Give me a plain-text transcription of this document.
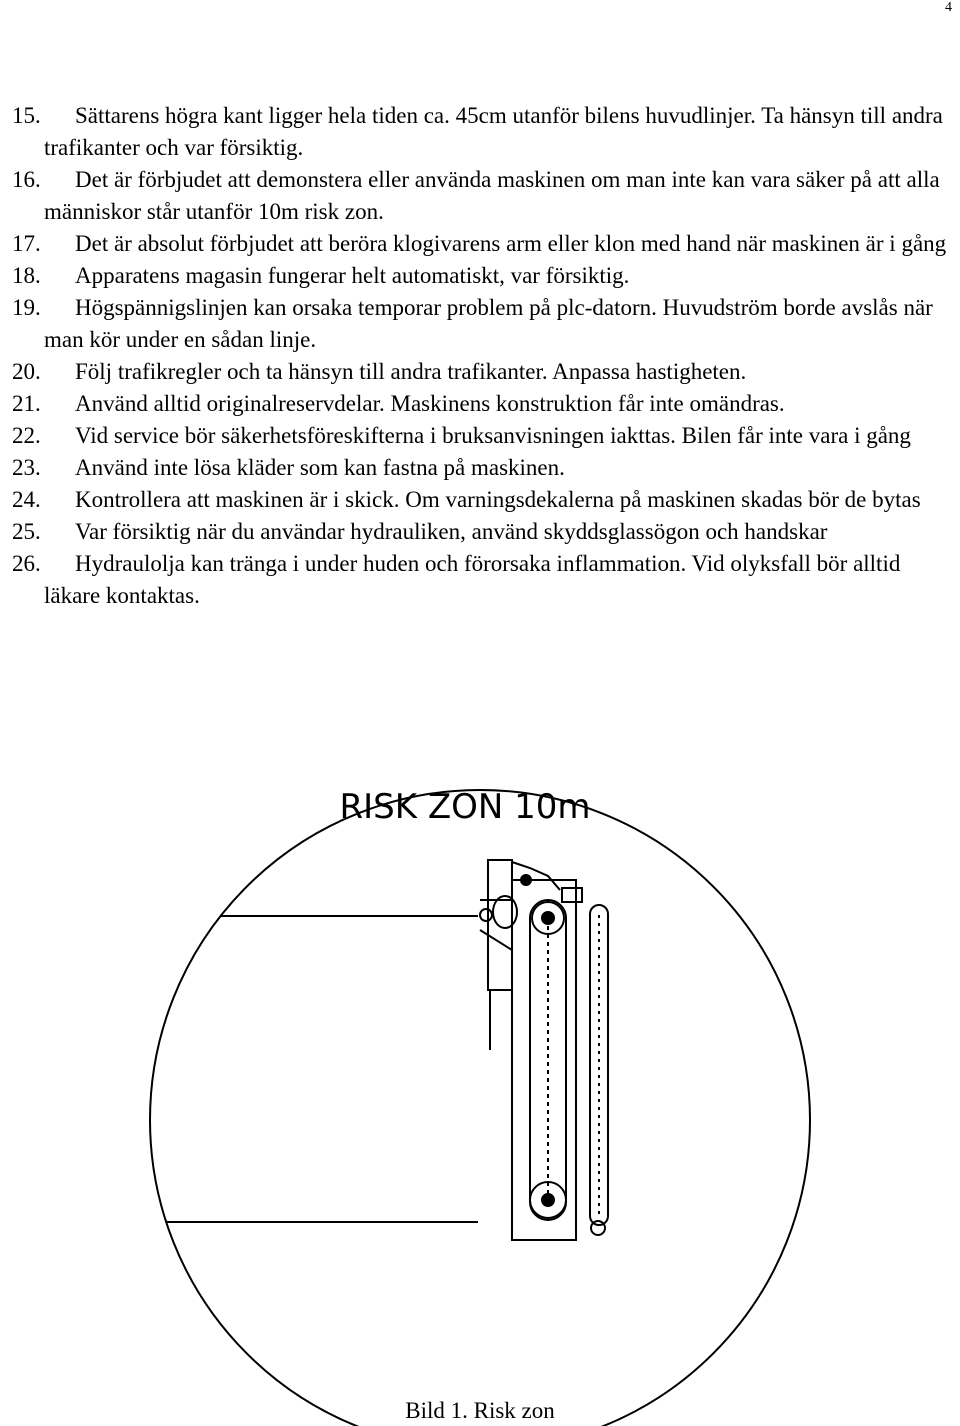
4
15.	Sättarens högra kant ligger hela tiden ca. 45cm utanför bilens huvudlinjer. Ta hänsyn till andra trafikanter och var försiktig.
16.	Det är förbjudet att demonstera eller använda maskinen om man inte kan vara säker på att alla människor står utanför 10m risk zon.
17.	Det är absolut förbjudet att beröra klogivarens arm eller klon med hand när maskinen är i gång
18.	Apparatens magasin fungerar helt automatiskt, var försiktig.
19.	Högspännigslinjen kan orsaka temporar problem på plc-datorn. Huvudström borde avslås när man kör under en sådan linje.
20.	Följ trafikregler och ta hänsyn till andra trafikanter. Anpassa hastigheten.
21.	Använd alltid originalreservdelar. Maskinens konstruktion får inte omändras.
22.	Vid service bör säkerhetsföreskifterna i bruksanvisningen iakttas. Bilen får inte vara i gång
23.	Använd inte lösa kläder som kan fastna på maskinen.
24.	Kontrollera att maskinen är i skick. Om varningsdekalerna på maskinen skadas bör de bytas
25.	Var försiktig när du användar hydrauliken, använd skyddsglassögon och handskar
26.	Hydraulolja kan tränga i under huden och förorsaka inflammation. Vid olyksfall bör alltid läkare kontaktas.
RISK ZON 10m
Bild 1. Risk zon
